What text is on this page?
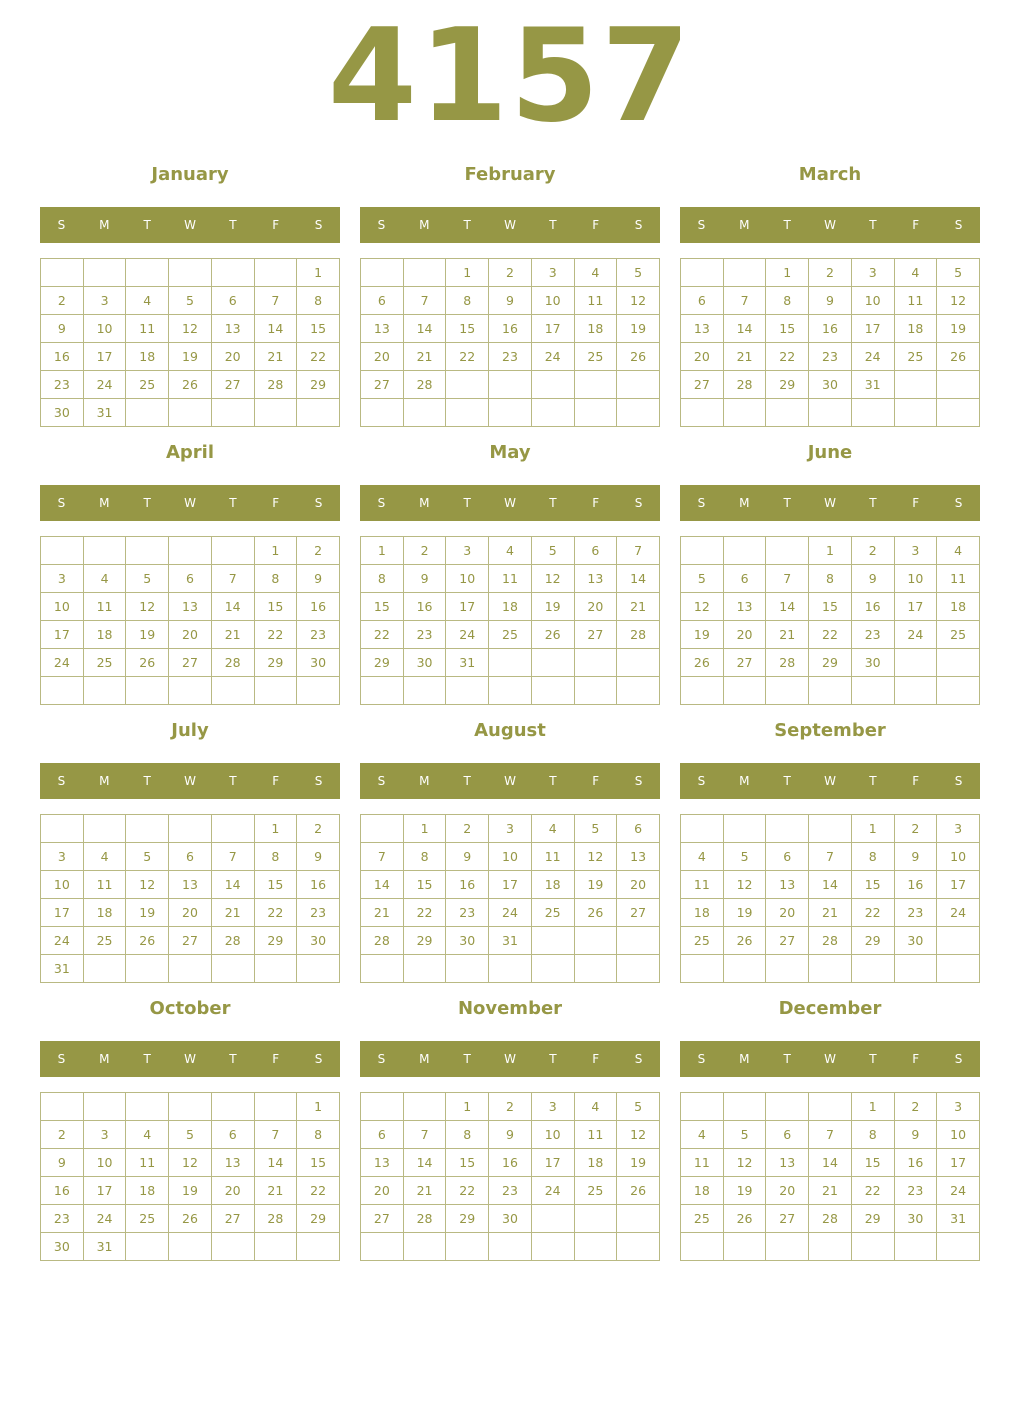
4157
January
S	M	T	W	T	F	S
						1
2	3	4	5	6	7	8
9	10	11	12	13	14	15
16	17	18	19	20	21	22
23	24	25	26	27	28	29
30	31					
February
S	M	T	W	T	F	S
		1	2	3	4	5
6	7	8	9	10	11	12
13	14	15	16	17	18	19
20	21	22	23	24	25	26
27	28					

March
S	M	T	W	T	F	S
		1	2	3	4	5
6	7	8	9	10	11	12
13	14	15	16	17	18	19
20	21	22	23	24	25	26
27	28	29	30	31		

April
S	M	T	W	T	F	S
					1	2
3	4	5	6	7	8	9
10	11	12	13	14	15	16
17	18	19	20	21	22	23
24	25	26	27	28	29	30

May
S	M	T	W	T	F	S
1	2	3	4	5	6	7
8	9	10	11	12	13	14
15	16	17	18	19	20	21
22	23	24	25	26	27	28
29	30	31				

June
S	M	T	W	T	F	S
			1	2	3	4
5	6	7	8	9	10	11
12	13	14	15	16	17	18
19	20	21	22	23	24	25
26	27	28	29	30		

July
S	M	T	W	T	F	S
					1	2
3	4	5	6	7	8	9
10	11	12	13	14	15	16
17	18	19	20	21	22	23
24	25	26	27	28	29	30
31						
August
S	M	T	W	T	F	S
	1	2	3	4	5	6
7	8	9	10	11	12	13
14	15	16	17	18	19	20
21	22	23	24	25	26	27
28	29	30	31			

September
S	M	T	W	T	F	S
				1	2	3
4	5	6	7	8	9	10
11	12	13	14	15	16	17
18	19	20	21	22	23	24
25	26	27	28	29	30	

October
S	M	T	W	T	F	S
						1
2	3	4	5	6	7	8
9	10	11	12	13	14	15
16	17	18	19	20	21	22
23	24	25	26	27	28	29
30	31					
November
S	M	T	W	T	F	S
		1	2	3	4	5
6	7	8	9	10	11	12
13	14	15	16	17	18	19
20	21	22	23	24	25	26
27	28	29	30			

December
S	M	T	W	T	F	S
				1	2	3
4	5	6	7	8	9	10
11	12	13	14	15	16	17
18	19	20	21	22	23	24
25	26	27	28	29	30	31
